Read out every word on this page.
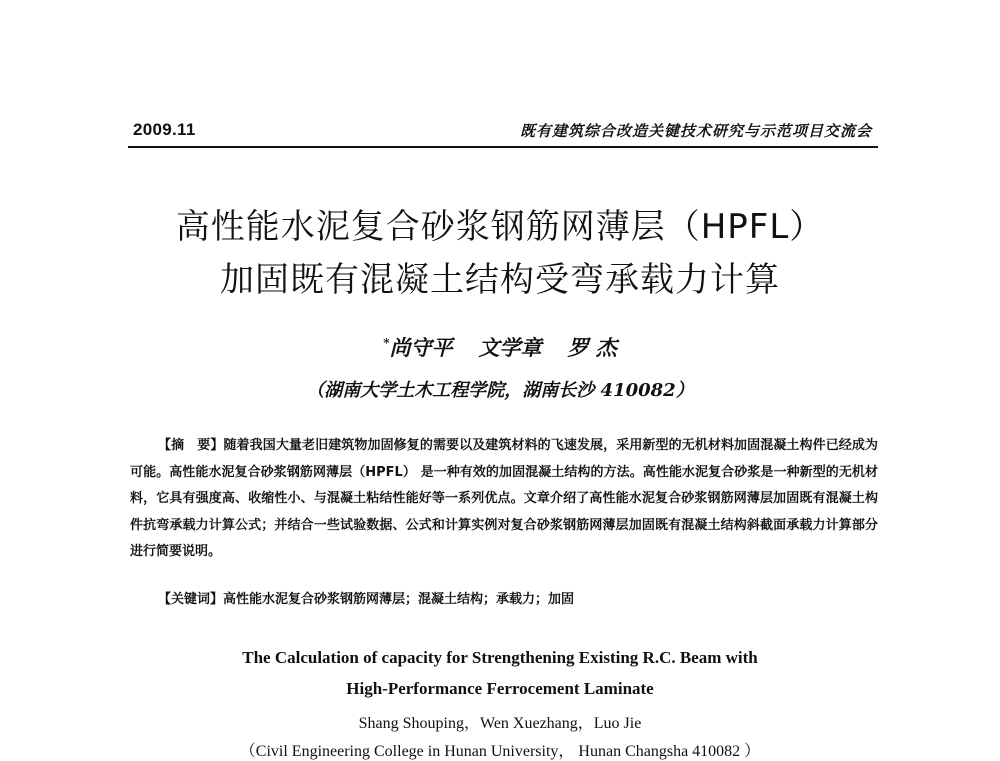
2009.11	既有建筑综合改造关键技术研究与示范项目交流会
高性能水泥复合砂浆钢筋网薄层（HPFL）
加固既有混凝土结构受弯承载力计算
*尚守平 文学章 罗 杰
（湖南大学土木工程学院，湖南长沙 410082）

【摘　要】随着我国大量老旧建筑物加固修复的需要以及建筑材料的飞速发展，采用新型的无机材料加固混凝土构件已经成为可能。高性能水泥复合砂浆钢筋网薄层（HPFL） 是一种有效的加固混凝土结构的方法。高性能水泥复合砂浆是一种新型的无机材料，它具有强度高、收缩性小、与混凝土粘结性能好等一系列优点。文章介绍了高性能水泥复合砂浆钢筋网薄层加固既有混凝土构件抗弯承载力计算公式；并结合一些试验数据、公式和计算实例对复合砂浆钢筋网薄层加固既有混凝土结构斜截面承载力计算部分进行简要说明。

【关键词】高性能水泥复合砂浆钢筋网薄层；混凝土结构；承载力；加固
The Calculation of capacity for Strengthening Existing R.C. Beam with
High-Performance Ferrocement Laminate
Shang Shouping，Wen Xuezhang，Luo Jie
（Civil Engineering College in Hunan University， Hunan Changsha 410082 ）
